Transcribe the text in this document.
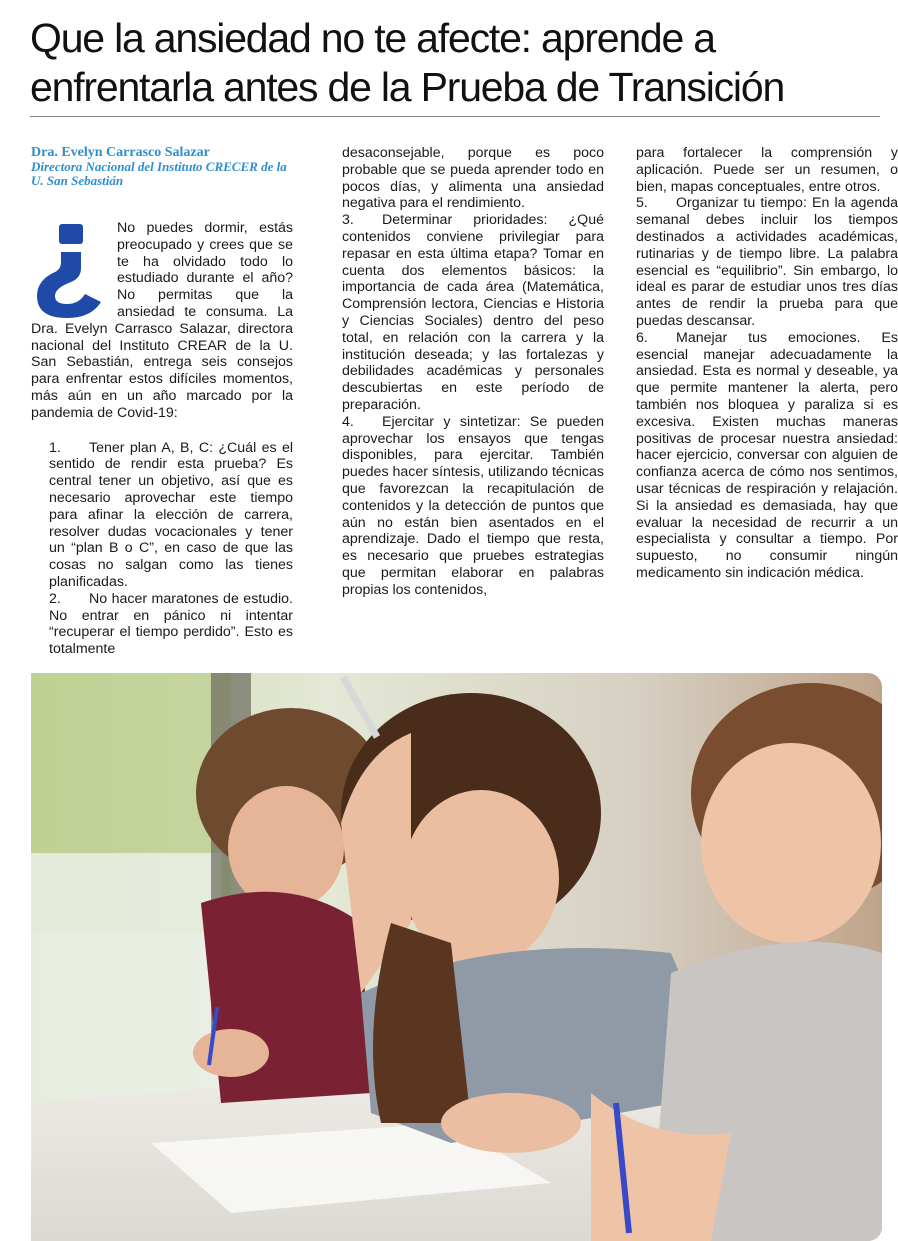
Que la ansiedad no te afecte: aprende a enfrentarla antes de la Prueba de Transición

Dra. Evelyn Carrasco Salazar

Directora Nacional del Instituto CRECER de la U. San Sebastián

No puedes dormir, estás preocupado y crees que se te ha olvidado todo lo estudiado durante el año? No permitas que la ansiedad te consuma. La Dra. Evelyn Carrasco Salazar, directora nacional del Instituto CREAR de la U. San Sebastián, entrega seis consejos para enfrentar estos difíciles momentos, más aún en un año marcado por la pandemia de Covid-19:

1. Tener plan A, B, C: ¿Cuál es el sentido de rendir esta prueba? Es central tener un objetivo, así que es necesario aprovechar este tiempo para afinar la elección de carrera, resolver dudas vocacionales y tener un “plan B o C”, en caso de que las cosas no salgan como las tienes planificadas.

2. No hacer maratones de estudio. No entrar en pánico ni intentar “recuperar el tiempo perdido”. Esto es totalmente

desaconsejable, porque es poco probable que se pueda aprender todo en pocos días, y alimenta una ansiedad negativa para el rendimiento.

3. Determinar prioridades: ¿Qué contenidos conviene privilegiar para repasar en esta última etapa? Tomar en cuenta dos elementos básicos: la importancia de cada área (Matemática, Comprensión lectora, Ciencias e Historia y Ciencias Sociales) dentro del peso total, en relación con la carrera y la institución deseada; y las fortalezas y debilidades académicas y personales descubiertas en este período de preparación.

4. Ejercitar y sintetizar: Se pueden aprovechar los ensayos que tengas disponibles, para ejercitar. También puedes hacer síntesis, utilizando técnicas que favorezcan la recapitulación de contenidos y la detección de puntos que aún no están bien asentados en el aprendizaje. Dado el tiempo que resta, es necesario que pruebes estrategias que permitan elaborar en palabras propias los contenidos,

para fortalecer la comprensión y aplicación. Puede ser un resumen, o bien, mapas conceptuales, entre otros.

5. Organizar tu tiempo: En la agenda semanal debes incluir los tiempos destinados a actividades académicas, rutinarias y de tiempo libre. La palabra esencial es “equilibrio”. Sin embargo, lo ideal es parar de estudiar unos tres días antes de rendir la prueba para que puedas descansar.

6. Manejar tus emociones. Es esencial manejar adecuadamente la ansiedad. Esta es normal y deseable, ya que permite mantener la alerta, pero también nos bloquea y paraliza si es excesiva. Existen muchas maneras positivas de procesar nuestra ansiedad: hacer ejercicio, conversar con alguien de confianza acerca de cómo nos sentimos, usar técnicas de respiración y relajación. Si la ansiedad es demasiada, hay que evaluar la necesidad de recurrir a un especialista y consultar a tiempo. Por supuesto, no consumir ningún medicamento sin indicación médica.
